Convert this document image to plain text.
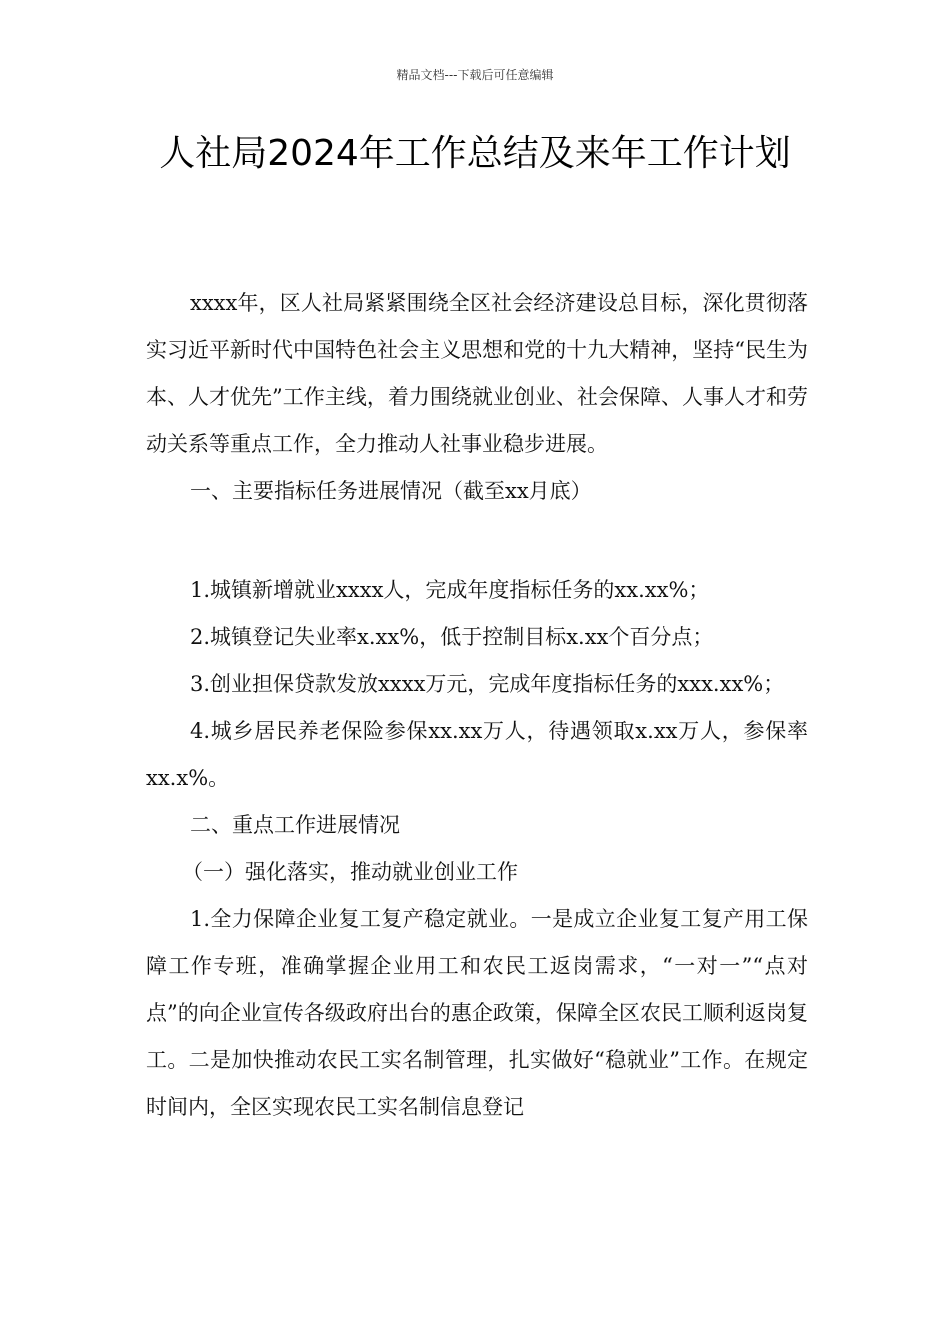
精品文档---下载后可任意编辑
人社局2024年工作总结及来年工作计划

xxxx年，区人社局紧紧围绕全区社会经济建设总目标，深化贯彻落实习近平新时代中国特色社会主义思想和党的十九大精神，坚持“民生为本、人才优先”工作主线，着力围绕就业创业、社会保障、人事人才和劳动关系等重点工作，全力推动人社事业稳步进展。

一、主要指标任务进展情况（截至xx月底）

1.城镇新增就业xxxx人，完成年度指标任务的xx.xx%；

2.城镇登记失业率x.xx%，低于控制目标x.xx个百分点；

3.创业担保贷款发放xxxx万元，完成年度指标任务的xxx.xx%；

4.城乡居民养老保险参保xx.xx万人，待遇领取x.xx万人，参保率xx.x%。

二、重点工作进展情况

（一）强化落实，推动就业创业工作

1.全力保障企业复工复产稳定就业。一是成立企业复工复产用工保障工作专班，准确掌握企业用工和农民工返岗需求，“一对一”“点对点”的向企业宣传各级政府出台的惠企政策，保障全区农民工顺利返岗复工。二是加快推动农民工实名制管理，扎实做好“稳就业”工作。在规定时间内，全区实现农民工实名制信息登记
